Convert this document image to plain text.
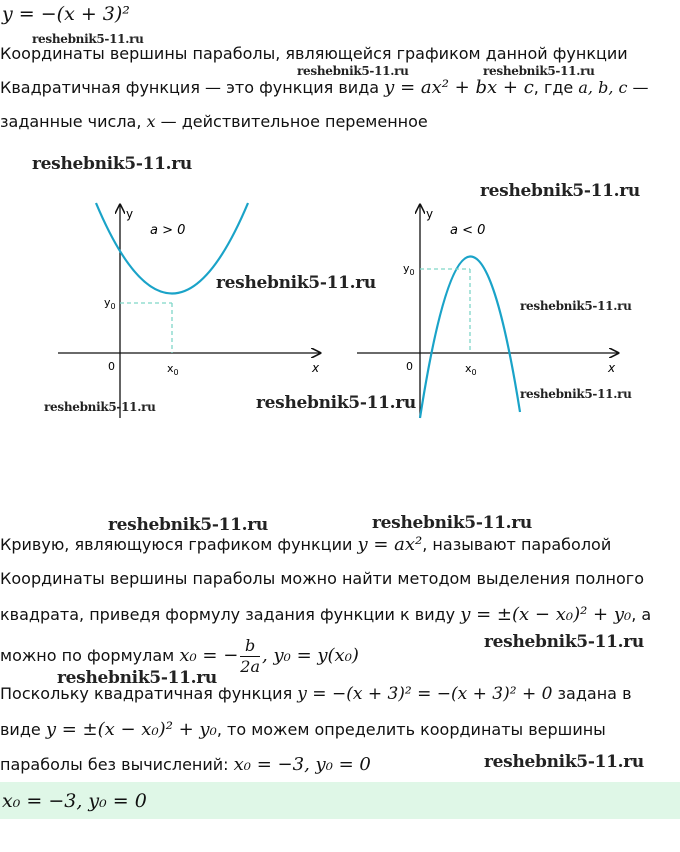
y = −(x + 3)²
Координаты вершины параболы, являющейся графиком данной функции
Квадратичная функция — это функция вида y = ax² + bx + c, где a, b, c —
заданные числа, x — действительное переменное
y
x
0	$x_0$
$y_0$
a > 0
y
x
0	$x_0$
$y_0$
a < 0
Кривую, являющуюся графиком функции y = ax², называют параболой
Координаты вершины параболы можно найти методом выделения полного
квадрата, приведя формулу задания функции к виду y = ±(x − x₀)² + y₀, а
можно по формулам x₀ = − $\frac{b}{2a}$ , y₀ = y(x₀)
Поскольку квадратичная функция y = −(x + 3)² = −(x + 3)² + 0 задана в
виде y = ±(x − x₀)² + y₀, то можем определить координаты вершины
параболы без вычислений: x₀ = −3, y₀ = 0
x₀ = −3, y₀ = 0
reshebnik5-11.ru
reshebnik5-11.ru	reshebnik5-11.ru
reshebnik5-11.ru
reshebnik5-11.ru
reshebnik5-11.ru
reshebnik5-11.ru
reshebnik5-11.ru
reshebnik5-11.ru	reshebnik5-11.ru
reshebnik5-11.ru	reshebnik5-11.ru
reshebnik5-11.ru
reshebnik5-11.ru
reshebnik5-11.ru
